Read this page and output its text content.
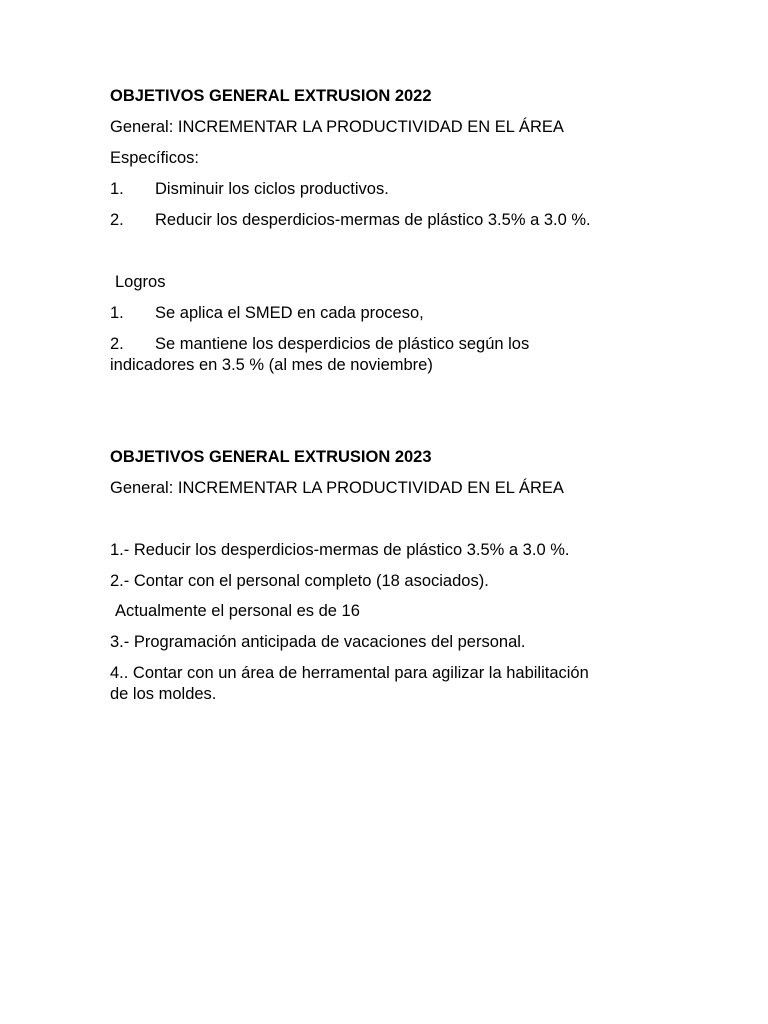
OBJETIVOS GENERAL EXTRUSION 2022
General: INCREMENTAR LA PRODUCTIVIDAD EN EL ÁREA
Específicos:
1. Disminuir los ciclos productivos.
2. Reducir los desperdicios-mermas de plástico 3.5% a 3.0 %.
Logros
1. Se aplica el SMED en cada proceso,
2. Se mantiene los desperdicios de plástico según los
indicadores en 3.5 % (al mes de noviembre)
OBJETIVOS GENERAL EXTRUSION 2023
General: INCREMENTAR LA PRODUCTIVIDAD EN EL ÁREA
1.- Reducir los desperdicios-mermas de plástico 3.5% a 3.0 %.
2.- Contar con el personal completo (18 asociados).
Actualmente el personal es de 16
3.- Programación anticipada de vacaciones del personal.
4.. Contar con un área de herramental para agilizar la habilitación
de los moldes.
